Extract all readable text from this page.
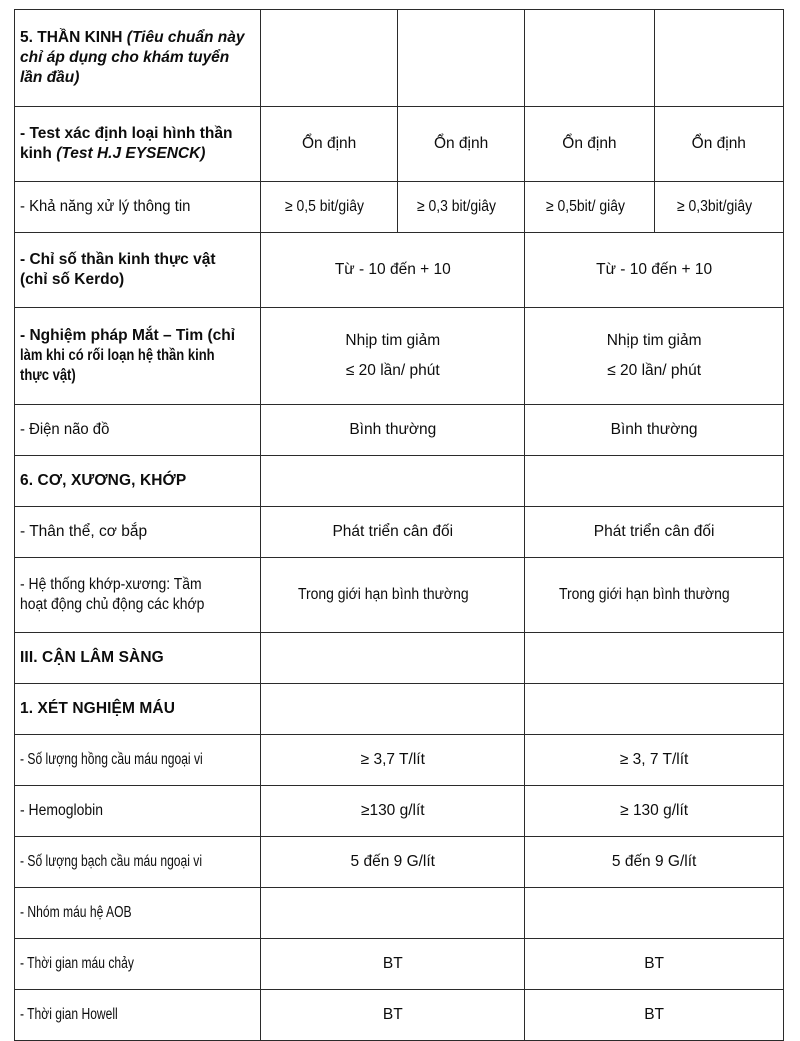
5. THẦN KINH (Tiêu chuẩn này chỉ áp dụng cho khám tuyển lần đầu)				
- Test xác định loại hình thần kinh (Test H.J EYSENCK)	Ổn định	Ổn định	Ổn định	Ổn định
- Khả năng xử lý thông tin	≥ 0,5 bit/giây	≥ 0,3 bit/giây	≥ 0,5bit/ giây	≥ 0,3bit/giây
- Chỉ số thần kinh thực vật
(chỉ số Kerdo)	Từ - 10 đến + 10		Từ - 10 đến + 10	
- Nghiệm pháp Mắt – Tim (chỉ
làm khi có rối loạn hệ thần kinh
thực vật)	Nhịp tim giảm
≤ 20 lần/ phút		Nhịp tim giảm
≤ 20 lần/ phút	

- Điện não đồ	Bình thường		Bình thường	
6. CƠ, XƯƠNG, KHỚP				
- Thân thể, cơ bắp	Phát triển cân đối		Phát triển cân đối	
- Hệ thống khớp-xương: Tầm
hoạt động chủ động các khớp	Trong giới hạn bình thường		Trong giới hạn bình thường	
III. CẬN LÂM SÀNG				
1. XÉT NGHIỆM MÁU				
- Số lượng hồng cầu máu ngoại vi	≥ 3,7 T/lít		≥ 3, 7 T/lít	
- Hemoglobin	≥130 g/lít		≥ 130 g/lít	
- Số lượng bạch cầu máu ngoại vi	5 đến 9 G/lít		5 đến 9 G/lít	
- Nhóm máu hệ AOB				
- Thời gian máu chảy	BT		BT	
- Thời gian Howell	BT		BT	
